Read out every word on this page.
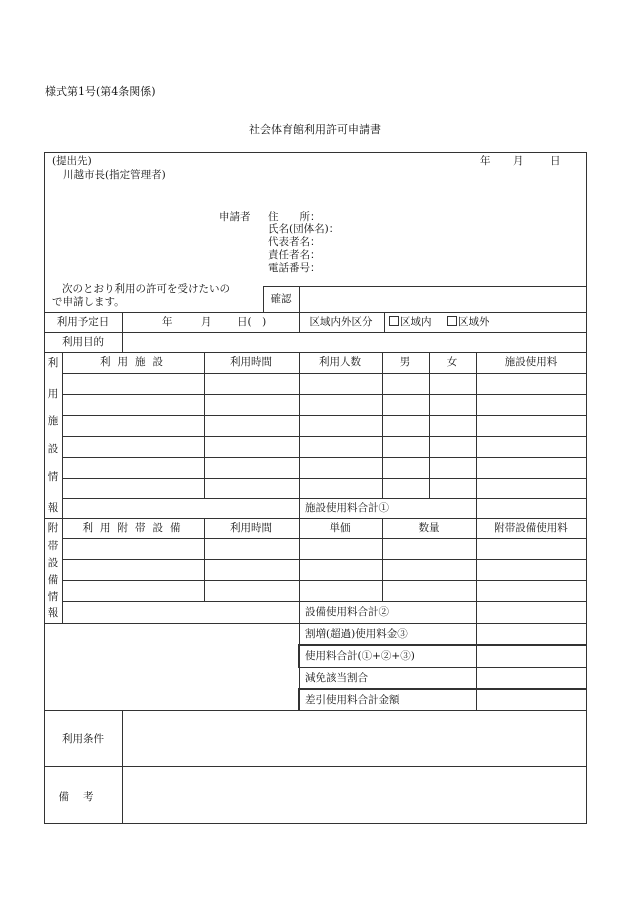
様式第1号(第4条関係)
社会体育館利用許可申請書
(提出先)
川越市長(指定管理者)
年 月	日
申請者 住　　所：
氏名(団体名)：
代表者名：
責任者名：
電話番号：
次のとおり利用の許可を受けたいの
で申請します。	確認
利用予定日	年	月 日(　)	区域内外区分	区域内	区域外
利用目的
利
用
施
設
情
報
利用施設	利用時間	利用人数	男	女	施設使用料
施設使用料合計①
附
帯
設
備
情
報
利用附帯設備	利用時間	単価	数量	附帯設備使用料
設備使用料合計②
割増(超過)使用料金③
使用料合計(①+②+③)
減免該当割合
差引使用料合計金額
利用条件
備考
